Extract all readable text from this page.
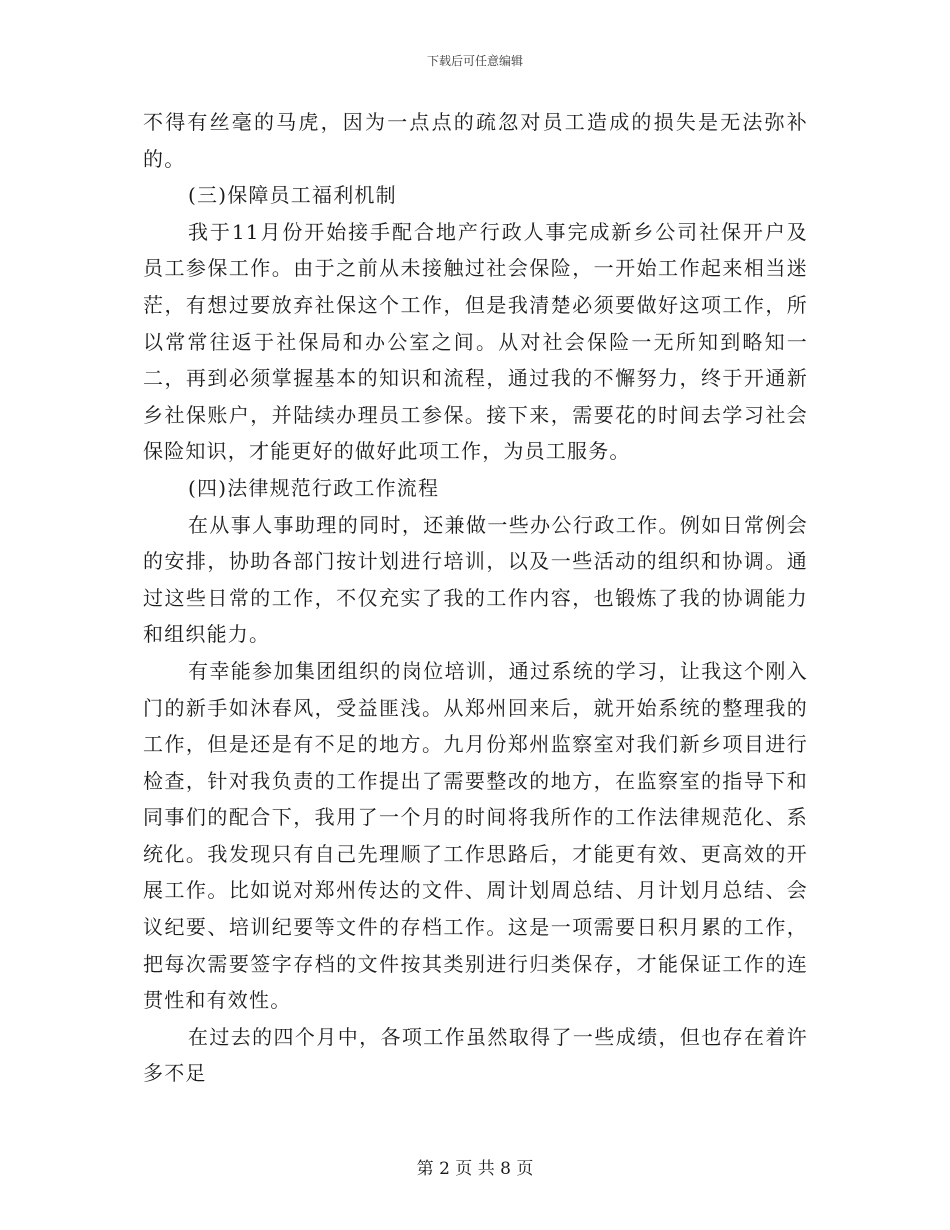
下载后可任意编辑

不得有丝毫的马虎，因为一点点的疏忽对员工造成的损失是无法弥补的。

(三)保障员工福利机制

我于11月份开始接手配合地产行政人事完成新乡公司社保开户及员工参保工作。由于之前从未接触过社会保险，一开始工作起来相当迷茫，有想过要放弃社保这个工作，但是我清楚必须要做好这项工作，所以常常往返于社保局和办公室之间。从对社会保险一无所知到略知一二，再到必须掌握基本的知识和流程，通过我的不懈努力，终于开通新乡社保账户，并陆续办理员工参保。接下来，需要花的时间去学习社会保险知识，才能更好的做好此项工作，为员工服务。

(四)法律规范行政工作流程

在从事人事助理的同时，还兼做一些办公行政工作。例如日常例会的安排，协助各部门按计划进行培训，以及一些活动的组织和协调。通过这些日常的工作，不仅充实了我的工作内容，也锻炼了我的协调能力和组织能力。

有幸能参加集团组织的岗位培训，通过系统的学习，让我这个刚入门的新手如沐春风，受益匪浅。从郑州回来后，就开始系统的整理我的工作，但是还是有不足的地方。九月份郑州监察室对我们新乡项目进行检查，针对我负责的工作提出了需要整改的地方，在监察室的指导下和同事们的配合下，我用了一个月的时间将我所作的工作法律规范化、系统化。我发现只有自己先理顺了工作思路后，才能更有效、更高效的开展工作。比如说对郑州传达的文件、周计划周总结、月计划月总结、会议纪要、培训纪要等文件的存档工作。这是一项需要日积月累的工作，把每次需要签字存档的文件按其类别进行归类保存，才能保证工作的连贯性和有效性。

在过去的四个月中，各项工作虽然取得了一些成绩，但也存在着许多不足

第 2 页 共 8 页
